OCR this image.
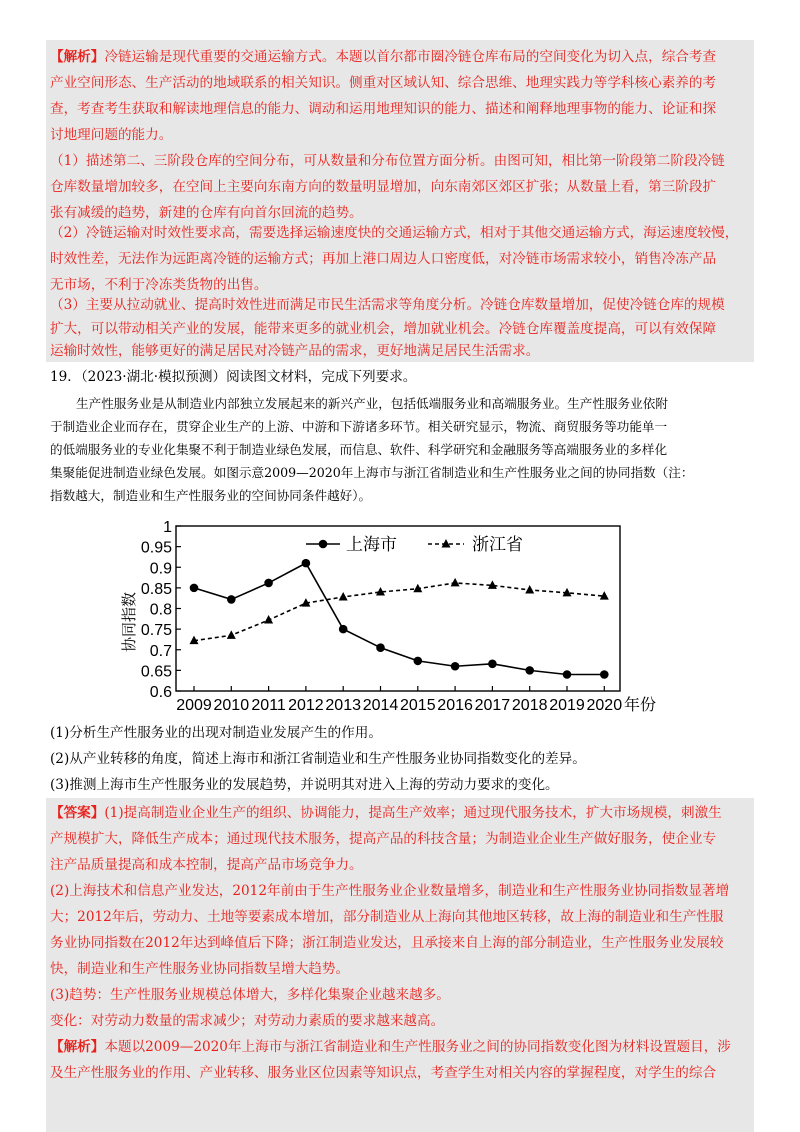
【解析】冷链运输是现代重要的交通运输方式。本题以首尔都市圈冷链仓库布局的空间变化为切入点，综合考查
产业空间形态、生产活动的地域联系的相关知识。侧重对区域认知、综合思维、地理实践力等学科核心素养的考
查，考查考生获取和解读地理信息的能力、调动和运用地理知识的能力、描述和阐释地理事物的能力、论证和探
讨地理问题的能力。
（1）描述第二、三阶段仓库的空间分布，可从数量和分布位置方面分析。由图可知，相比第一阶段第二阶段冷链
仓库数量增加较多，在空间上主要向东南方向的数量明显增加，向东南郊区郊区扩张；从数量上看，第三阶段扩
张有减缓的趋势，新建的仓库有向首尔回流的趋势。
（2）冷链运输对时效性要求高，需要选择运输速度快的交通运输方式，相对于其他交通运输方式，海运速度较慢，
时效性差，无法作为远距离冷链的运输方式；再加上港口周边人口密度低，对冷链市场需求较小，销售冷冻产品
无市场，不利于冷冻类货物的出售。
（3）主要从拉动就业、提高时效性进而满足市民生活需求等角度分析。冷链仓库数量增加，促使冷链仓库的规模
扩大，可以带动相关产业的发展，能带来更多的就业机会，增加就业机会。冷链仓库覆盖度提高，可以有效保障
运输时效性，能够更好的满足居民对冷链产品的需求，更好地满足居民生活需求。
19．（2023·湖北·模拟预测）阅读图文材料，完成下列要求。
生产性服务业是从制造业内部独立发展起来的新兴产业，包括低端服务业和高端服务业。生产性服务业依附
于制造业企业而存在，贯穿企业生产的上游、中游和下游诸多环节。相关研究显示，物流、商贸服务等功能单一
的低端服务业的专业化集聚不利于制造业绿色发展，而信息、软件、科学研究和金融服务等高端服务业的多样化
集聚能促进制造业绿色发展。如图示意2009—2020年上海市与浙江省制造业和生产性服务业之间的协同指数（注：
指数越大，制造业和生产性服务业的空间协同条件越好）。
1
0.95
0.9
0.85
0.8
0.75
0.7
0.65
0.6
2009 2010 2011 2012 2013 2014 2015 2016 2017 2018 2019 2020 年份
上海市	浙江省
协同指数
(1)分析生产性服务业的出现对制造业发展产生的作用。
(2)从产业转移的角度，简述上海市和浙江省制造业和生产性服务业协同指数变化的差异。
(3)推测上海市生产性服务业的发展趋势，并说明其对进入上海的劳动力要求的变化。
【答案】(1)提高制造业企业生产的组织、协调能力，提高生产效率；通过现代服务技术，扩大市场规模，刺激生
产规模扩大，降低生产成本；通过现代技术服务，提高产品的科技含量；为制造业企业生产做好服务，使企业专
注产品质量提高和成本控制，提高产品市场竞争力。
(2)上海技术和信息产业发达，2012年前由于生产性服务业企业数量增多，制造业和生产性服务业协同指数显著增
大；2012年后，劳动力、土地等要素成本增加，部分制造业从上海向其他地区转移，故上海的制造业和生产性服
务业协同指数在2012年达到峰值后下降；浙江制造业发达，且承接来自上海的部分制造业，生产性服务业发展较
快，制造业和生产性服务业协同指数呈增大趋势。
(3)趋势：生产性服务业规模总体增大，多样化集聚企业越来越多。
变化：对劳动力数量的需求减少；对劳动力素质的要求越来越高。
【解析】本题以2009—2020年上海市与浙江省制造业和生产性服务业之间的协同指数变化图为材料设置题目，涉
及生产性服务业的作用、产业转移、服务业区位因素等知识点，考查学生对相关内容的掌握程度，对学生的综合
